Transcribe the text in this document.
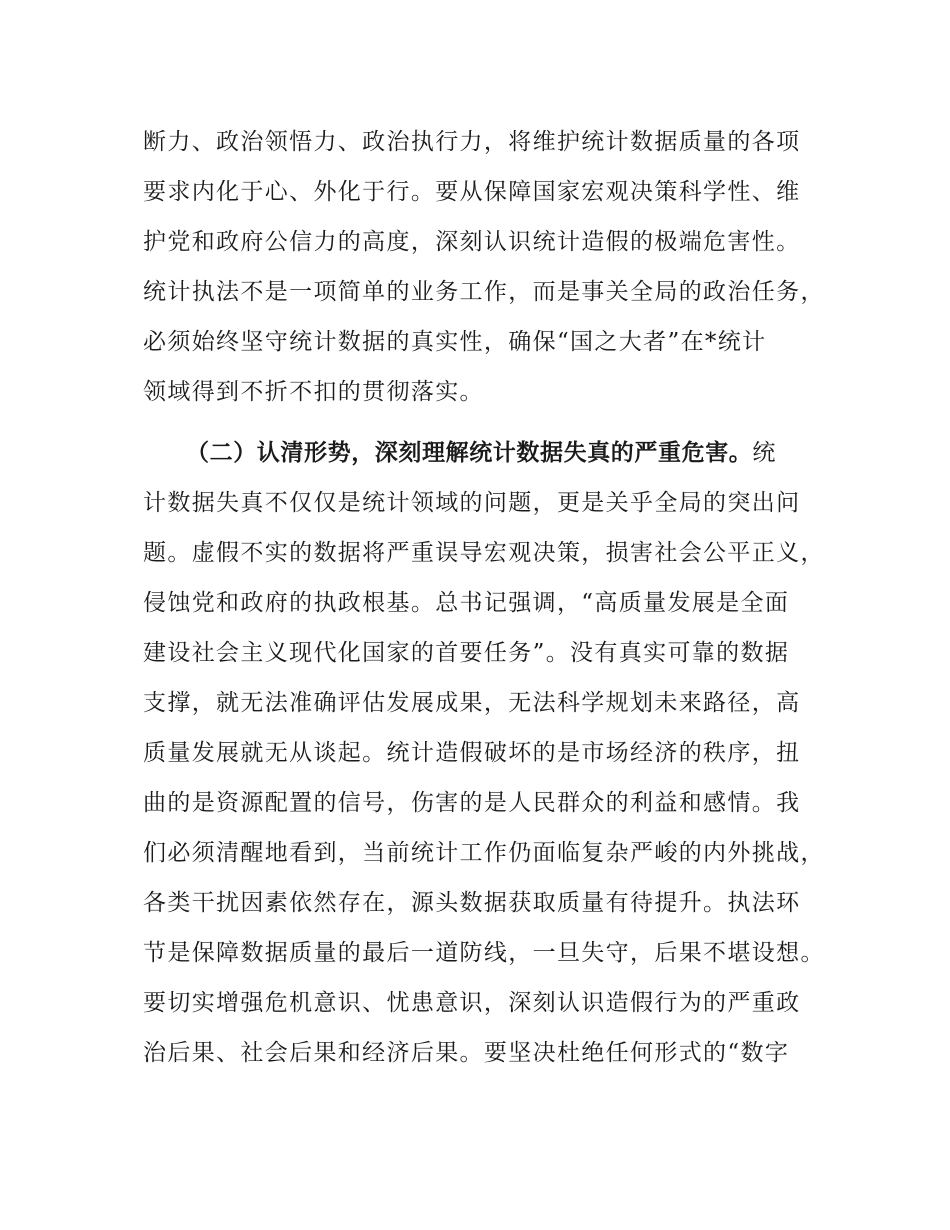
断力、政治领悟力、政治执行力，将维护统计数据质量的各项
要求内化于心、外化于行。要从保障国家宏观决策科学性、维
护党和政府公信力的高度，深刻认识统计造假的极端危害性。
统计执法不是一项简单的业务工作，而是事关全局的政治任务，
必须始终坚守统计数据的真实性，确保“国之大者”在*统计
领域得到不折不扣的贯彻落实。
（二）认清形势，深刻理解统计数据失真的严重危害。统
计数据失真不仅仅是统计领域的问题，更是关乎全局的突出问
题。虚假不实的数据将严重误导宏观决策，损害社会公平正义，
侵蚀党和政府的执政根基。总书记强调，“高质量发展是全面
建设社会主义现代化国家的首要任务”。没有真实可靠的数据
支撑，就无法准确评估发展成果，无法科学规划未来路径，高
质量发展就无从谈起。统计造假破坏的是市场经济的秩序，扭
曲的是资源配置的信号，伤害的是人民群众的利益和感情。我
们必须清醒地看到，当前统计工作仍面临复杂严峻的内外挑战，
各类干扰因素依然存在，源头数据获取质量有待提升。执法环
节是保障数据质量的最后一道防线，一旦失守，后果不堪设想。
要切实增强危机意识、忧患意识，深刻认识造假行为的严重政
治后果、社会后果和经济后果。要坚决杜绝任何形式的“数字
